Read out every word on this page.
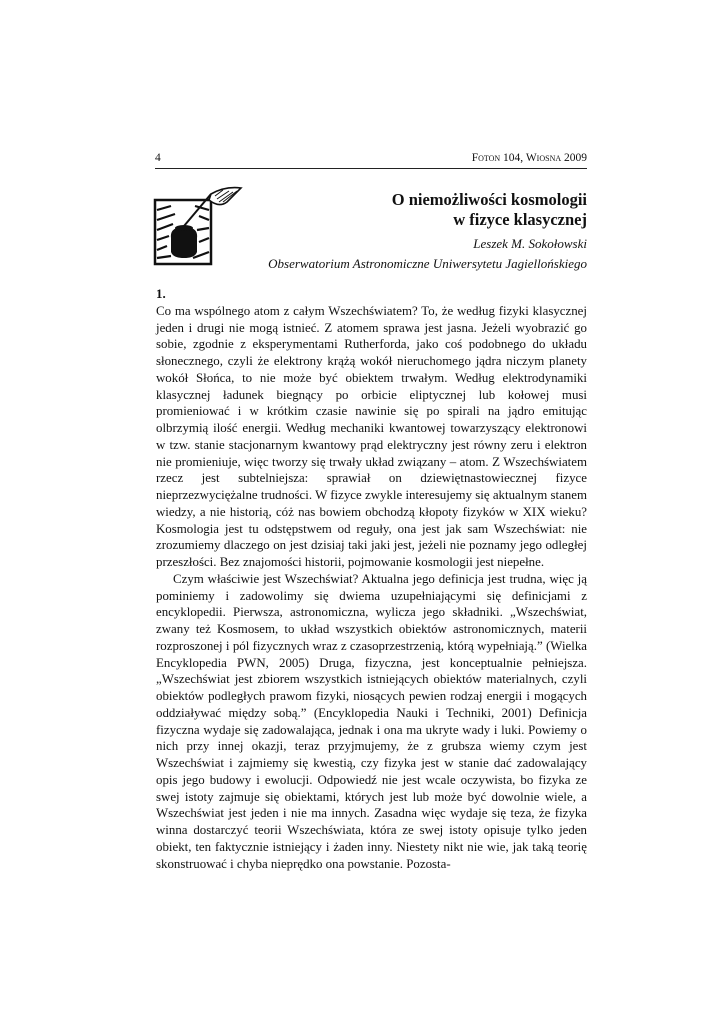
4	Foton 104, Wiosna 2009
O niemożliwości kosmologii
w fizyce klasycznej
Leszek M. Sokołowski
Obserwatorium Astronomiczne Uniwersytetu Jagiellońskiego
1.

Co ma wspólnego atom z całym Wszechświatem? To, że według fizyki klasycznej jeden i drugi nie mogą istnieć. Z atomem sprawa jest jasna. Jeżeli wyobrazić go sobie, zgodnie z eksperymentami Rutherforda, jako coś podobnego do układu słonecznego, czyli że elektrony krążą wokół nieruchomego jądra niczym planety wokół Słońca, to nie może być obiektem trwałym. Według elektrodynamiki klasycznej ładunek biegnący po orbicie eliptycznej lub kołowej musi promieniować i w krótkim czasie nawinie się po spirali na jądro emitując olbrzymią ilość energii. Według mechaniki kwantowej towarzyszący elektronowi w tzw. stanie stacjonarnym kwantowy prąd elektryczny jest równy zeru i elektron nie promieniuje, więc tworzy się trwały układ związany – atom. Z Wszechświatem rzecz jest subtelniejsza: sprawiał on dziewiętnastowiecznej fizyce nieprzezwyciężalne trudności. W fizyce zwykle interesujemy się aktualnym stanem wiedzy, a nie historią, cóż nas bowiem obchodzą kłopoty fizyków w XIX wieku? Kosmologia jest tu odstępstwem od reguły, ona jest jak sam Wszechświat: nie zrozumiemy dlaczego on jest dzisiaj taki jaki jest, jeżeli nie poznamy jego odległej przeszłości. Bez znajomości historii, pojmowanie kosmologii jest niepełne.

Czym właściwie jest Wszechświat? Aktualna jego definicja jest trudna, więc ją pominiemy i zadowolimy się dwiema uzupełniającymi się definicjami z encyklopedii. Pierwsza, astronomiczna, wylicza jego składniki. „Wszechświat, zwany też Kosmosem, to układ wszystkich obiektów astronomicznych, materii rozproszonej i pól fizycznych wraz z czasoprzestrzenią, którą wypełniają.” (Wielka Encyklopedia PWN, 2005) Druga, fizyczna, jest konceptualnie pełniejsza. „Wszechświat jest zbiorem wszystkich istniejących obiektów materialnych, czyli obiektów podległych prawom fizyki, niosących pewien rodzaj energii i mogących oddziaływać między sobą.” (Encyklopedia Nauki i Techniki, 2001) Definicja fizyczna wydaje się zadowalająca, jednak i ona ma ukryte wady i luki. Powiemy o nich przy innej okazji, teraz przyjmujemy, że z grubsza wiemy czym jest Wszechświat i zajmiemy się kwestią, czy fizyka jest w stanie dać zadowalający opis jego budowy i ewolucji. Odpowiedź nie jest wcale oczywista, bo fizyka ze swej istoty zajmuje się obiektami, których jest lub może być dowolnie wiele, a Wszechświat jest jeden i nie ma innych. Zasadna więc wydaje się teza, że fizyka winna dostarczyć teorii Wszechświata, która ze swej istoty opisuje tylko jeden obiekt, ten faktycznie istniejący i żaden inny. Niestety nikt nie wie, jak taką teorię skonstruować i chyba nieprędko ona powstanie. Pozosta-
